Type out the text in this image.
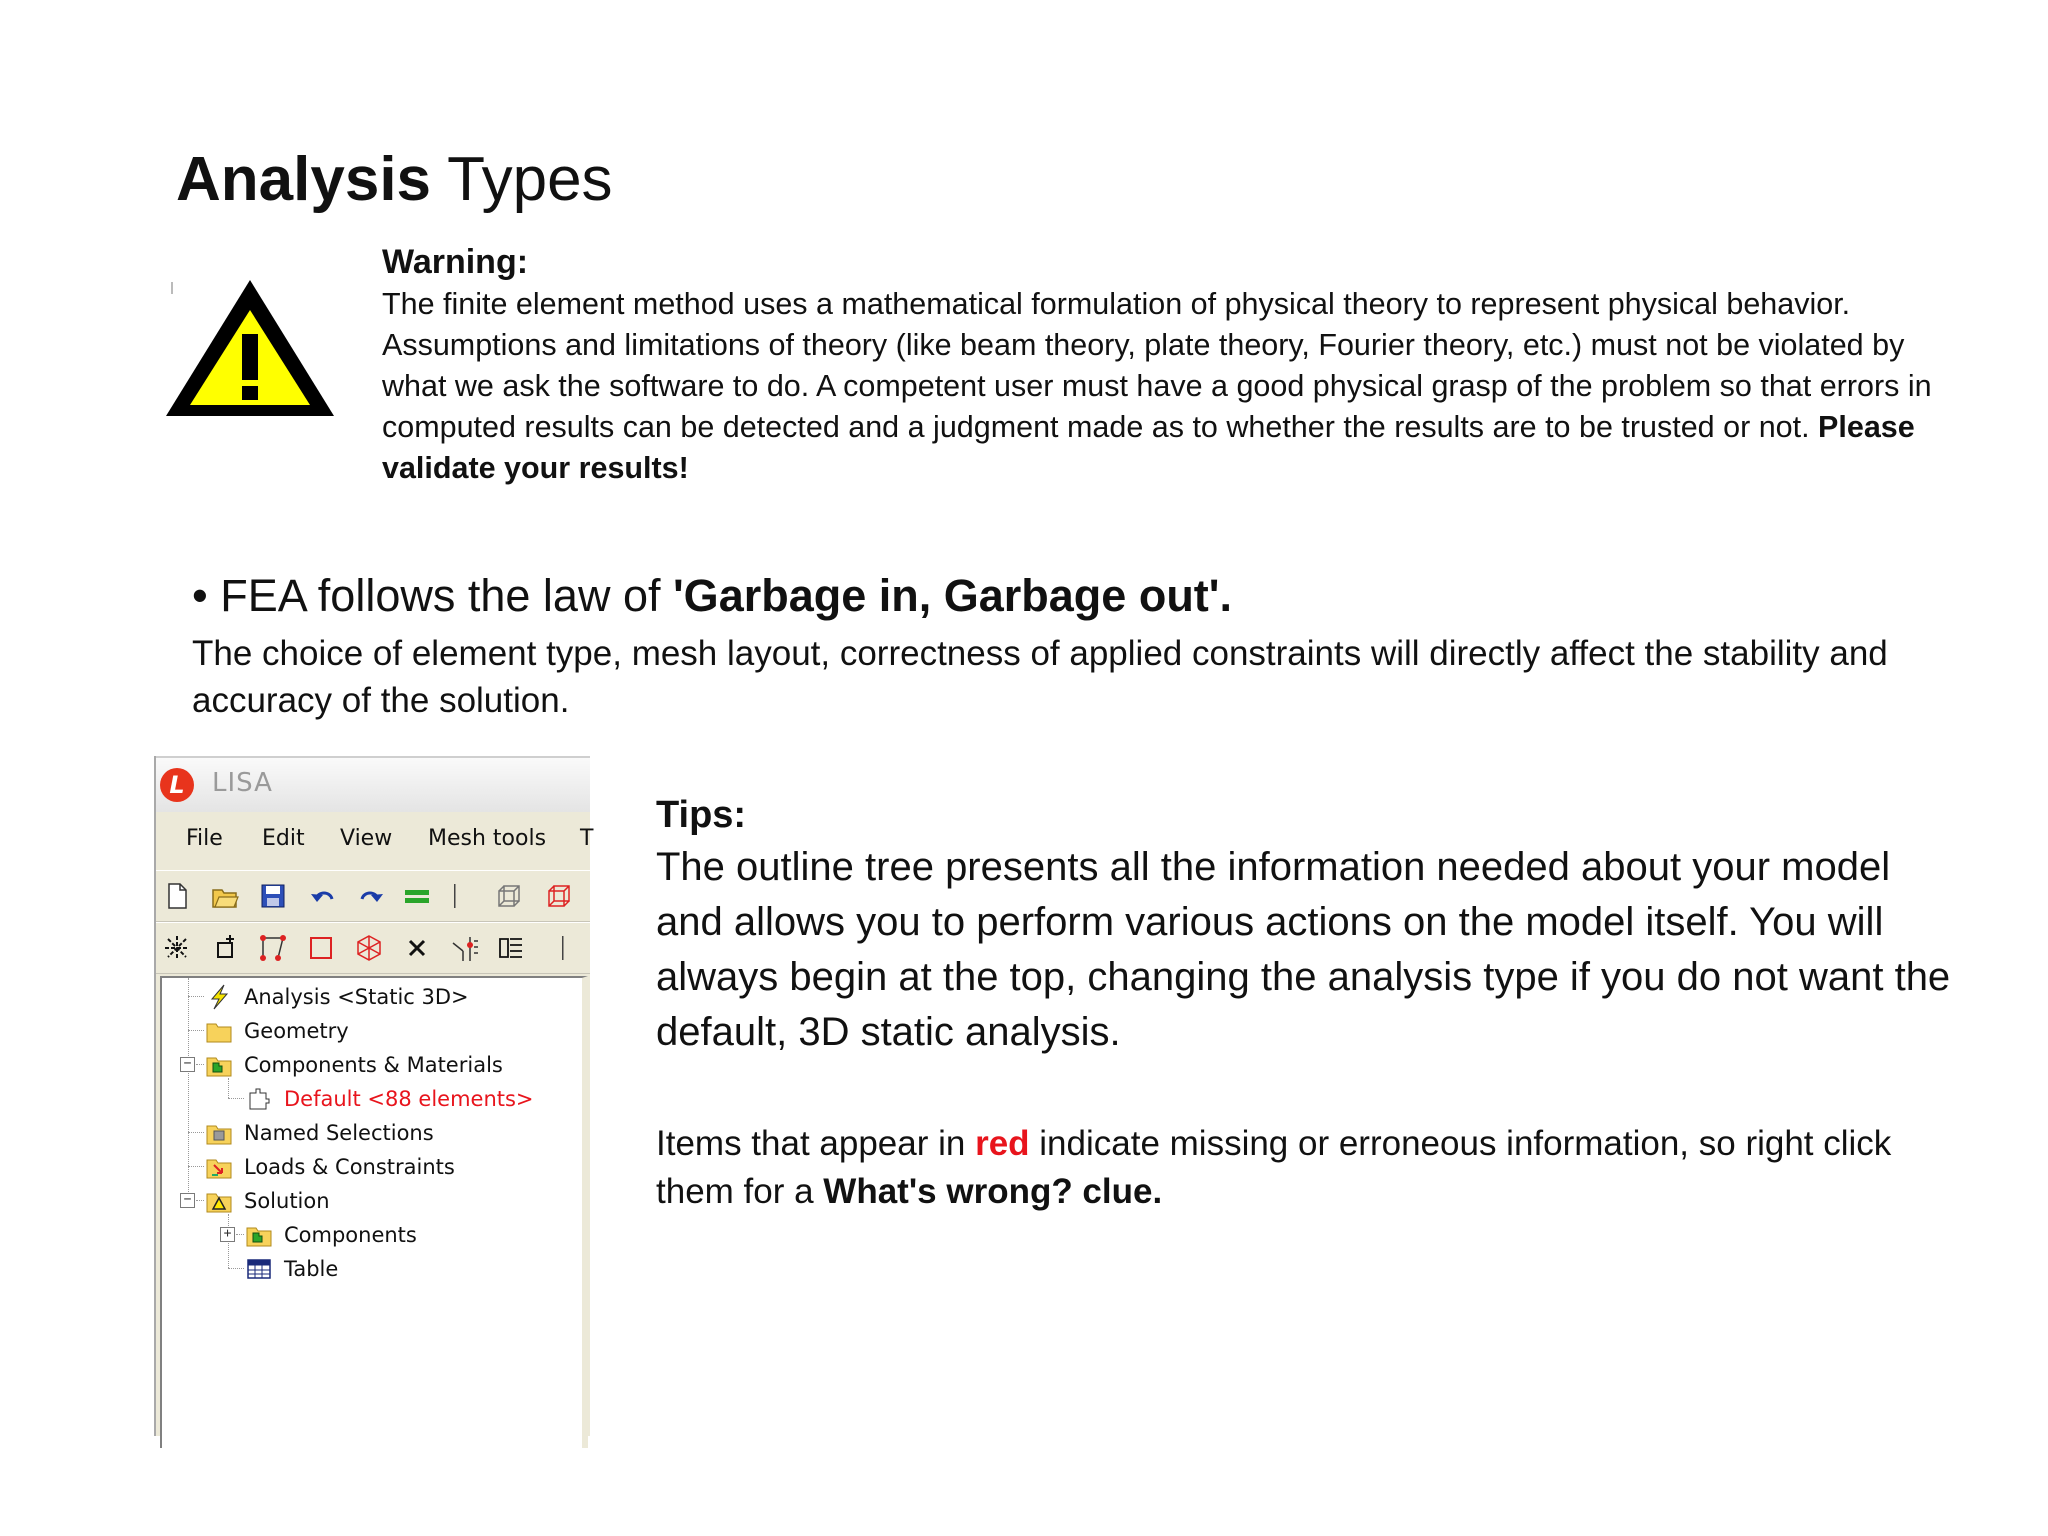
Analysis Types
Warning:
The finite element method uses a mathematical formulation of physical theory to represent physical behavior. Assumptions and limitations of theory (like beam theory, plate theory, Fourier theory, etc.) must not be violated by what we ask the software to do. A competent user must have a good physical grasp of the problem so that errors in computed results can be detected and a judgment made as to whether the results are to be trusted or not. Please validate your results!
• FEA follows the law of 'Garbage in, Garbage out'.
The choice of element type, mesh layout, correctness of applied constraints will directly affect the stability and accuracy of the solution.
L	LISA
File Edit View Mesh tools T
−
−
+
Analysis <Static 3D>
Geometry
Components & Materials
Default <88 elements>
Named Selections
Loads & Constraints
Solution
Components
Table
Tips:
The outline tree presents all the information needed about your model and allows you to perform various actions on the model itself. You will always begin at the top, changing the analysis type if you do not want the default, 3D static analysis.
Items that appear in red indicate missing or erroneous information, so right click them for a What's wrong? clue.
